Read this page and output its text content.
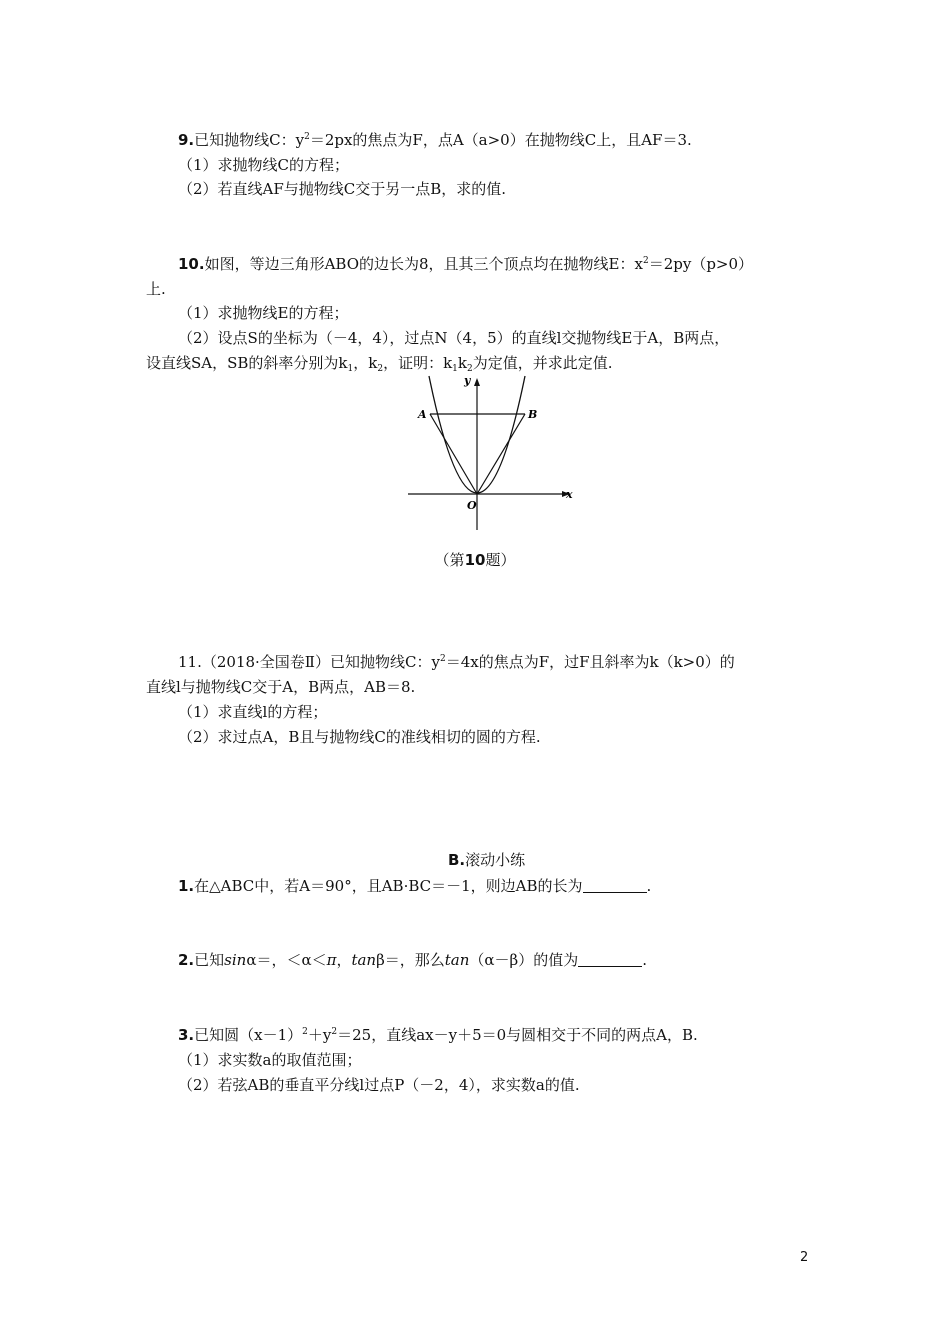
9.已知抛物线C：$y^2=2px$的焦点为F，点A（a>0）在抛物线C上，且AF＝3.
（1）求抛物线C的方程；
（2）若直线AF与抛物线C交于另一点B，求的值.
10.如图，等边三角形ABO的边长为8，且其三个顶点均在抛物线E：$x^2=2py(p>0)$
上.
（1）求抛物线E的方程；
（2）设点S的坐标为（－4，4），过点N（4，5）的直线l交抛物线E于A，B两点，
设直线SA，SB的斜率分别为$k_1$，$k_2$，证明：$k_1k_2$为定值，并求此定值.
y
x
A	B
O
（第10题）
11.（2018·全国卷Ⅱ）已知抛物线C：$y^2=4x$的焦点为F，过F且斜率为k（k>0）的
直线l与抛物线C交于A，B两点，AB＝8.
（1）求直线l的方程；
（2）求过点A，B且与抛物线C的准线相切的圆的方程.
B.滚动小练
1.在△ABC中，若A＝90°，且AB·BC＝－1，则边AB的长为	.
2.已知sinα＝，＜α＜π，tanβ＝，那么tan（α－β）的值为	.
3.已知圆$(x-1)^2+y^2=25$，直线ax－y＋5＝0与圆相交于不同的两点A，B.
（1）求实数a的取值范围；
（2）若弦AB的垂直平分线l过点P（－2，4），求实数a的值.
2
